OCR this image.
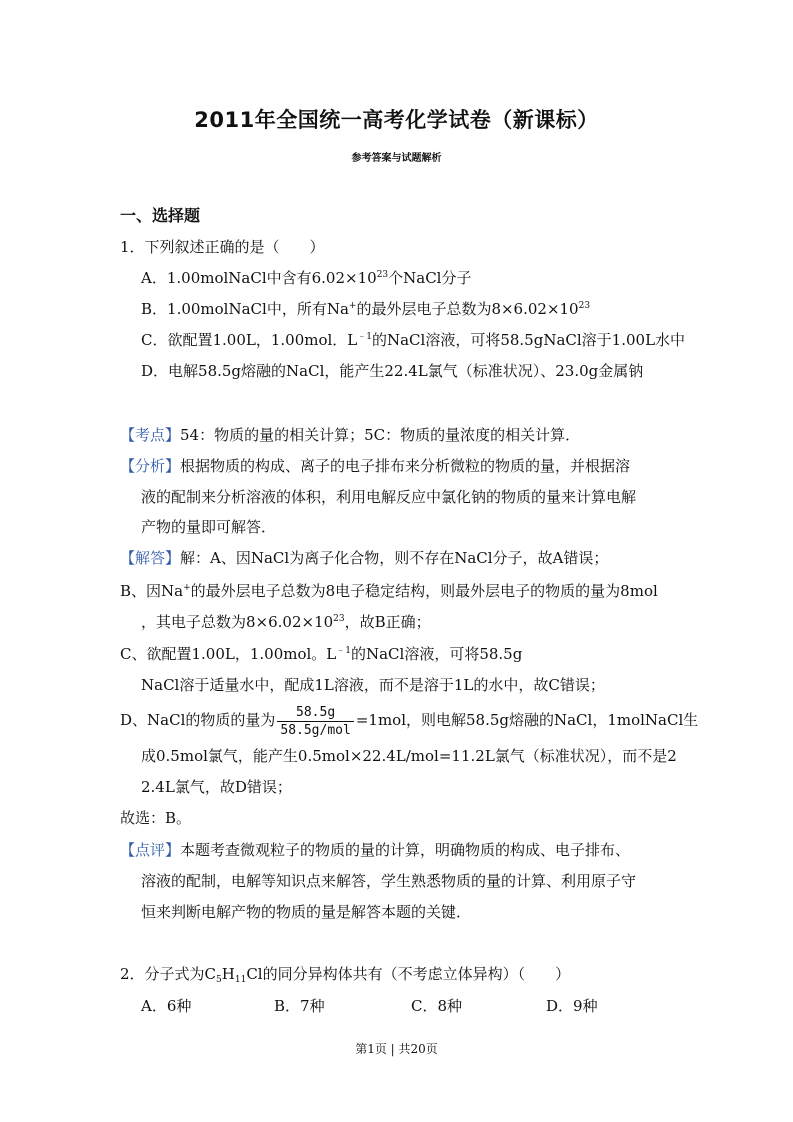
2011年全国统一高考化学试卷（新课标）
参考答案与试题解析
一、选择题
1．下列叙述正确的是（　　）
A．1.00molNaCl中含有$6.02\times 10^{23}$个NaCl分子
B．1.00molNaCl中，所有Na+的最外层电子总数为$8\times 6.02\times 10^{23}$
C．欲配置1.00L，1.00mol．$L^{﹣1}$的NaCl溶液，可将58.5gNaCl溶于1.00L水中
D．电解58.5g熔融的NaCl，能产生22.4L氯气（标准状况）、23.0g金属钠
【考点】54：物质的量的相关计算；5C：物质的量浓度的相关计算．
【分析】根据物质的构成、离子的电子排布来分析微粒的物质的量，并根据溶
液的配制来分析溶液的体积，利用电解反应中氯化钠的物质的量来计算电解
产物的量即可解答．
【解答】解：A、因NaCl为离子化合物，则不存在NaCl分子，故A错误；
B、因Na+的最外层电子总数为8电子稳定结构，则最外层电子的物质的量为8mol
，其电子总数为$8\times 6.02\times 10^{23}$，故B正确；
C、欲配置1.00L，1.00mol。$L^{﹣1}$的NaCl溶液，可将58.5g
NaCl溶于适量水中，配成1L溶液，而不是溶于1L的水中，故C错误；
D、NaCl的物质的量为 $\frac{58.5g}{\text{58.5g/mol}} =1mol$，则电解58.5g熔融的NaCl，1molNaCl生
成0.5mol氯气，能产生0.5mol×22.4L/mol=11.2L氯气（标准状况），而不是2
2.4L氯气，故D错误；
故选：B。
【点评】本题考查微观粒子的物质的量的计算，明确物质的构成、电子排布、
溶液的配制，电解等知识点来解答，学生熟悉物质的量的计算、利用原子守
恒来判断电解产物的物质的量是解答本题的关键．
2．分子式为$C_5H_{11}Cl$的同分异构体共有（不考虑立体异构）（　　）
A．6种	B．7种	C．8种	D．9种
第1页 | 共20页
